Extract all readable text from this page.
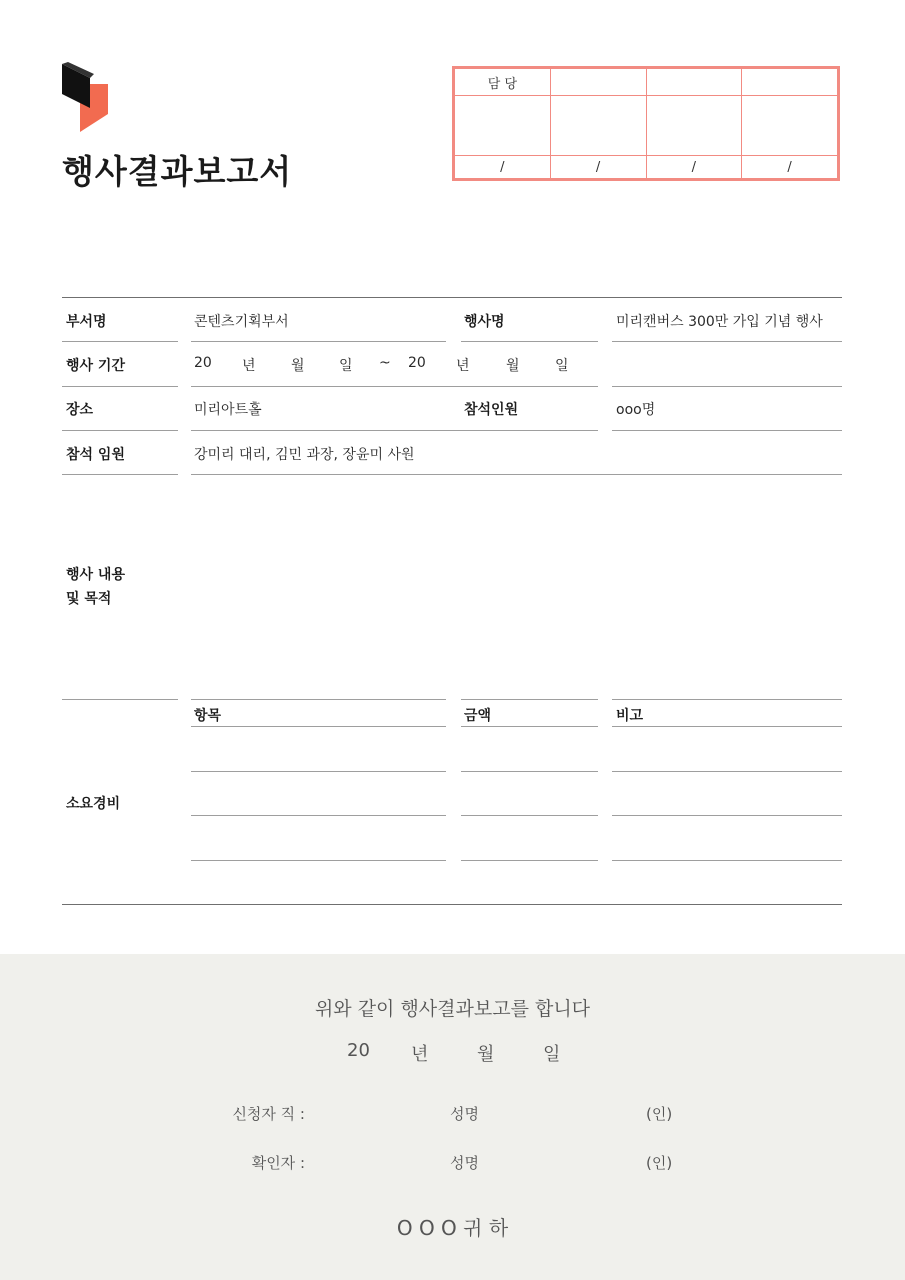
행사결과보고서
담 당			

/	/	/	/
부서명	콘텐츠기획부서	행사명	미리캔버스 300만 가입 기념 행사
행사 기간	20 년	월 일 ~ 20 년	월	일
장소	미리아트홀	참석인원	ooo명
참석 임원	강미리 대리, 김민 과장, 장윤미 사원
행사 내용
및 목적
항목	금액	비고
소요경비
위와 같이 행사결과보고를 합니다
20 년	월	일
신청자 직 :	성명	(인)
확인자 :	성명	(인)
O O O 귀 하
